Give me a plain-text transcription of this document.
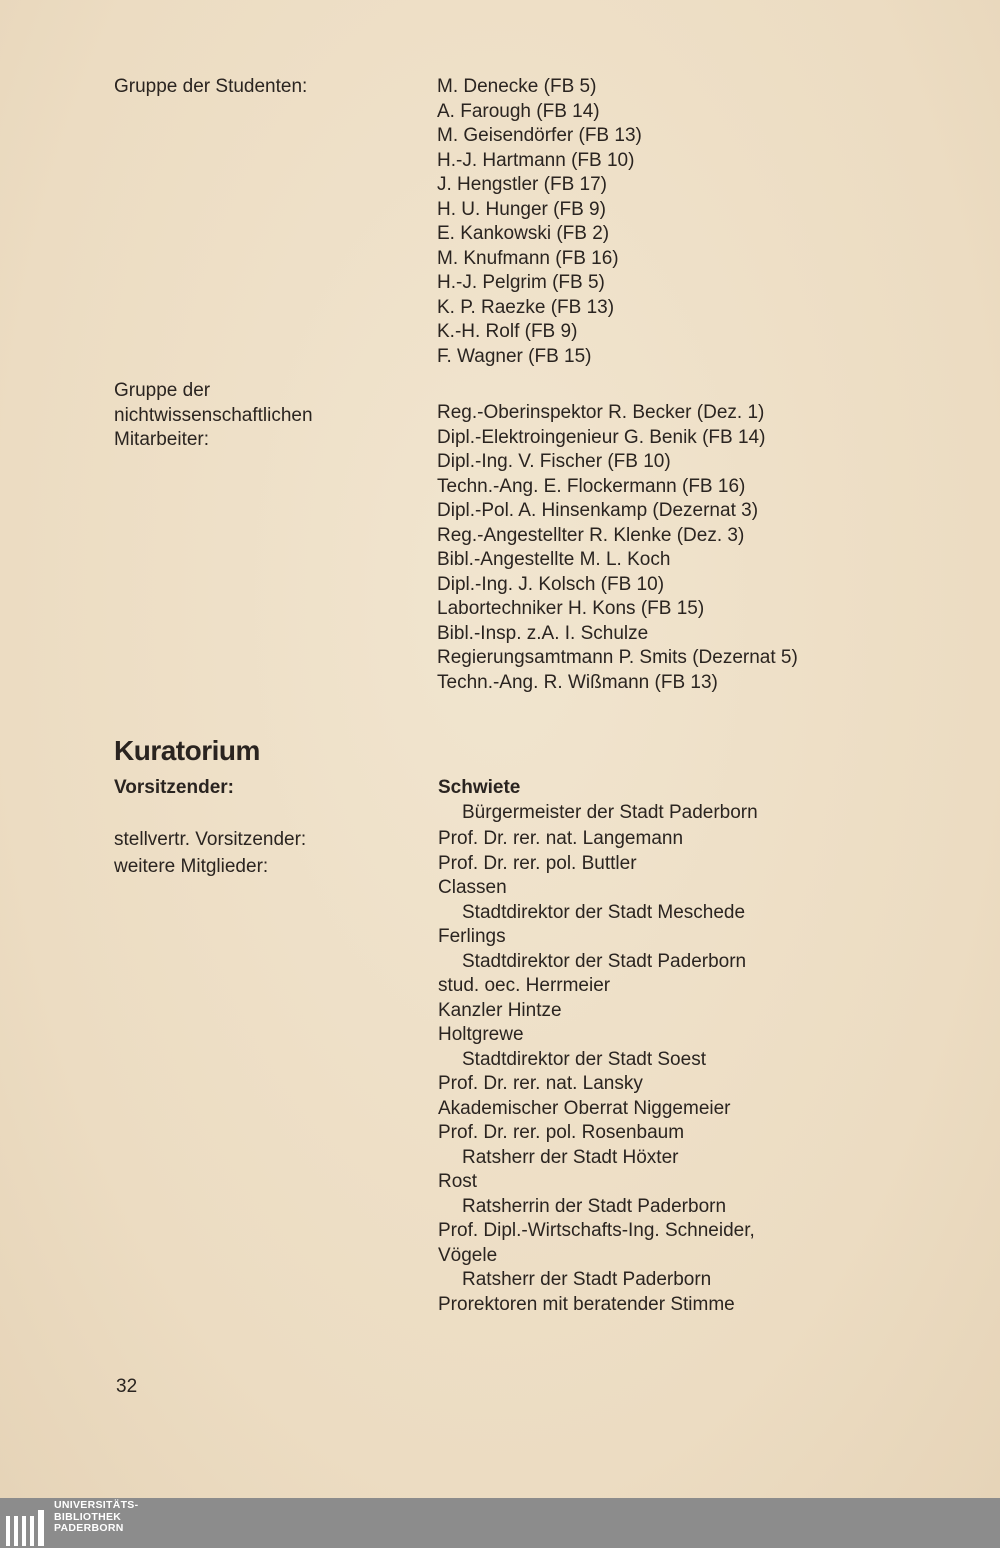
Gruppe der Studenten:	M. Denecke (FB 5)
A. Farough (FB 14)
M. Geisendörfer (FB 13)
H.-J. Hartmann (FB 10)
J. Hengstler (FB 17)
H. U. Hunger (FB 9)
E. Kankowski (FB 2)
M. Knufmann (FB 16)
H.-J. Pelgrim (FB 5)
K. P. Raezke (FB 13)
K.-H. Rolf (FB 9)
F. Wagner (FB 15)
Gruppe der
nichtwissenschaftlichen
Mitarbeiter:
Reg.-Oberinspektor R. Becker (Dez. 1)
Dipl.-Elektroingenieur G. Benik (FB 14)
Dipl.-Ing. V. Fischer (FB 10)
Techn.-Ang. E. Flockermann (FB 16)
Dipl.-Pol. A. Hinsenkamp (Dezernat 3)
Reg.-Angestellter R. Klenke (Dez. 3)
Bibl.-Angestellte M. L. Koch
Dipl.-Ing. J. Kolsch (FB 10)
Labortechniker H. Kons (FB 15)
Bibl.-Insp. z.A. I. Schulze
Regierungsamtmann P. Smits (Dezernat 5)
Techn.-Ang. R. Wißmann (FB 13)
Kuratorium
Vorsitzender:
stellvertr. Vorsitzender:
weitere Mitglieder:
Schwiete
Bürgermeister der Stadt Paderborn
Prof. Dr. rer. nat. Langemann
Prof. Dr. rer. pol. Buttler
Classen
Stadtdirektor der Stadt Meschede
Ferlings
Stadtdirektor der Stadt Paderborn
stud. oec. Herrmeier
Kanzler Hintze
Holtgrewe
Stadtdirektor der Stadt Soest
Prof. Dr. rer. nat. Lansky
Akademischer Oberrat Niggemeier
Prof. Dr. rer. pol. Rosenbaum
Ratsherr der Stadt Höxter
Rost
Ratsherrin der Stadt Paderborn
Prof. Dipl.-Wirtschafts-Ing. Schneider,
Vögele
Ratsherr der Stadt Paderborn
Prorektoren mit beratender Stimme
32
UNIVERSITÄTS-
BIBLIOTHEK
PADERBORN
